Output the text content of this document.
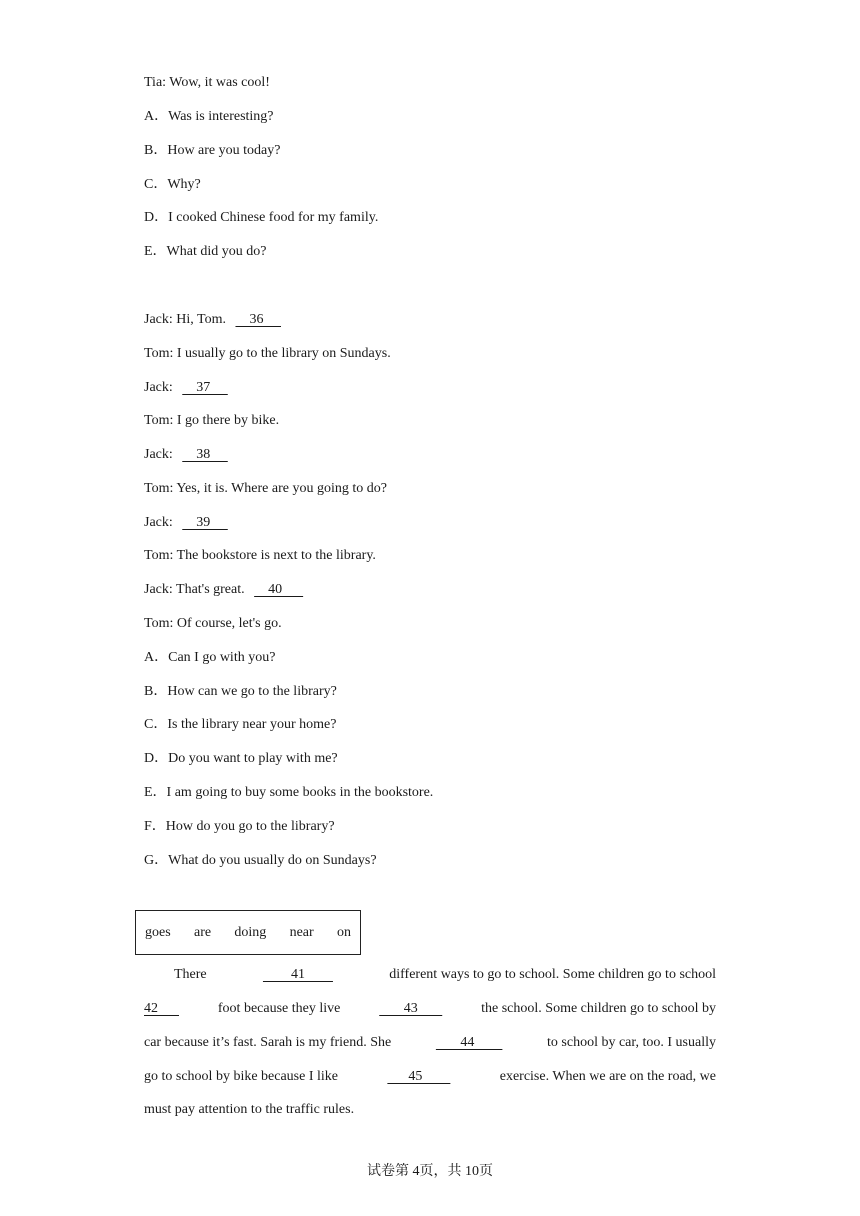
Tia: Wow, it was cool!
A．Was is interesting?
B．How are you today?
C．Why?
D．I cooked Chinese food for my family.
E．What did you do?
Jack: Hi, Tom.     36
Tom: I usually go to the library on Sundays.
Jack:     37
Tom: I go there by bike.
Jack:     38
Tom: Yes, it is. Where are you going to do?
Jack:     39
Tom: The bookstore is next to the library.
Jack: That's great.     40
Tom: Of course, let's go.
A．Can I go with you?
B．How can we go to the library?
C．Is the library near your home?
D．Do you want to play with me?
E．I am going to buy some books in the bookstore.
F．How do you go to the library?
G．What do you usually do on Sundays?
goes are doing near on
There	41	different ways to go to school. Some children go to school
42	foot because they live	43	the school. Some children go to school by
car because it’s fast. Sarah is my friend. She	44	to school by car, too. I usually
go to school by bike because I like	45	exercise. When we are on the road, we
must pay attention to the traffic rules.
试卷第 4页，共 10页
